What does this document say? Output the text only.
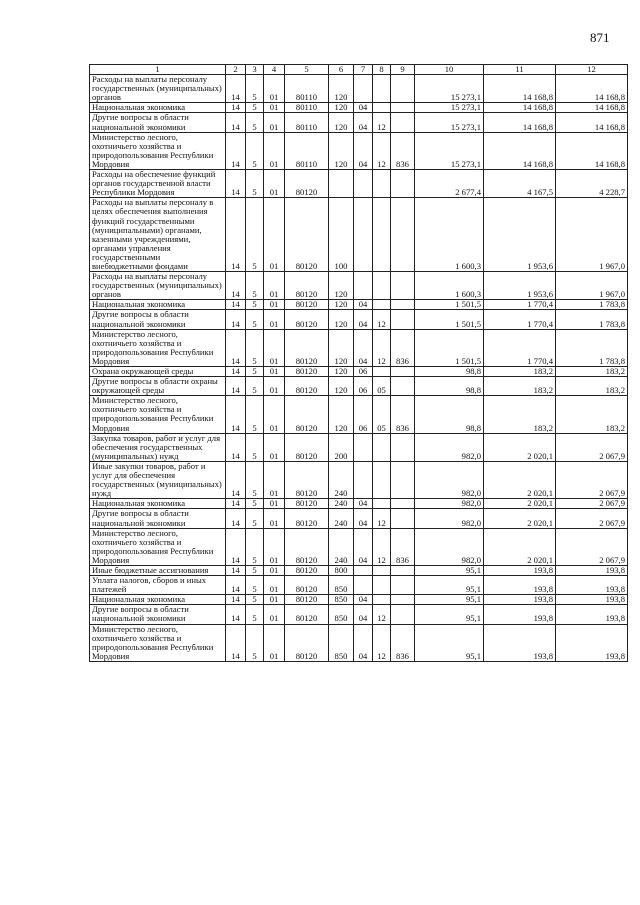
871
1	2	3	4	5	6	7	8	9	10	11	12
Расходы на выплаты персоналу государственных (муниципальных) органов	14	5	01	80110	120				15 273,1	14 168,8	14 168,8
Национальная экономика	14	5	01	80110	120	04			15 273,1	14 168,8	14 168,8
Другие вопросы в области национальной экономики	14	5	01	80110	120	04	12		15 273,1	14 168,8	14 168,8
Министерство лесного, охотничьего хозяйства и природопользования Республики Мордовия	14	5	01	80110	120	04	12	836	15 273,1	14 168,8	14 168,8
Расходы на обеспечение функций органов государственной власти Республики Мордовия	14	5	01	80120					2 677,4	4 167,5	4 228,7
Расходы на выплаты персоналу в целях обеспечения выполнения функций государственными (муниципальными) органами, казенными учреждениями, органами управления государственными внебюджетными фондами	14	5	01	80120	100				1 600,3	1 953,6	1 967,0
Расходы на выплаты персоналу государственных (муниципальных) органов	14	5	01	80120	120				1 600,3	1 953,6	1 967,0
Национальная экономика	14	5	01	80120	120	04			1 501,5	1 770,4	1 783,8
Другие вопросы в области национальной экономики	14	5	01	80120	120	04	12		1 501,5	1 770,4	1 783,8
Министерство лесного, охотничьего хозяйства и природопользования Республики Мордовия	14	5	01	80120	120	04	12	836	1 501,5	1 770,4	1 783,8
Охрана окружающей среды	14	5	01	80120	120	06			98,8	183,2	183,2
Другие вопросы в области охраны окружающей среды	14	5	01	80120	120	06	05		98,8	183,2	183,2
Министерство лесного, охотничьего хозяйства и природопользования Республики Мордовия	14	5	01	80120	120	06	05	836	98,8	183,2	183,2
Закупка товаров, работ и услуг для обеспечения государственных (муниципальных) нужд	14	5	01	80120	200				982,0	2 020,1	2 067,9
Иные закупки товаров, работ и услуг для обеспечения государственных (муниципальных) нужд	14	5	01	80120	240				982,0	2 020,1	2 067,9
Национальная экономика	14	5	01	80120	240	04			982,0	2 020,1	2 067,9
Другие вопросы в области национальной экономики	14	5	01	80120	240	04	12		982,0	2 020,1	2 067,9
Министерство лесного, охотничьего хозяйства и природопользования Республики Мордовия	14	5	01	80120	240	04	12	836	982,0	2 020,1	2 067,9
Иные бюджетные ассигнования	14	5	01	80120	800				95,1	193,8	193,8
Уплата налогов, сборов и иных платежей	14	5	01	80120	850				95,1	193,8	193,8
Национальная экономика	14	5	01	80120	850	04			95,1	193,8	193,8
Другие вопросы в области национальной экономики	14	5	01	80120	850	04	12		95,1	193,8	193,8
Министерство лесного, охотничьего хозяйства и природопользования Республики Мордовия	14	5	01	80120	850	04	12	836	95,1	193,8	193,8
